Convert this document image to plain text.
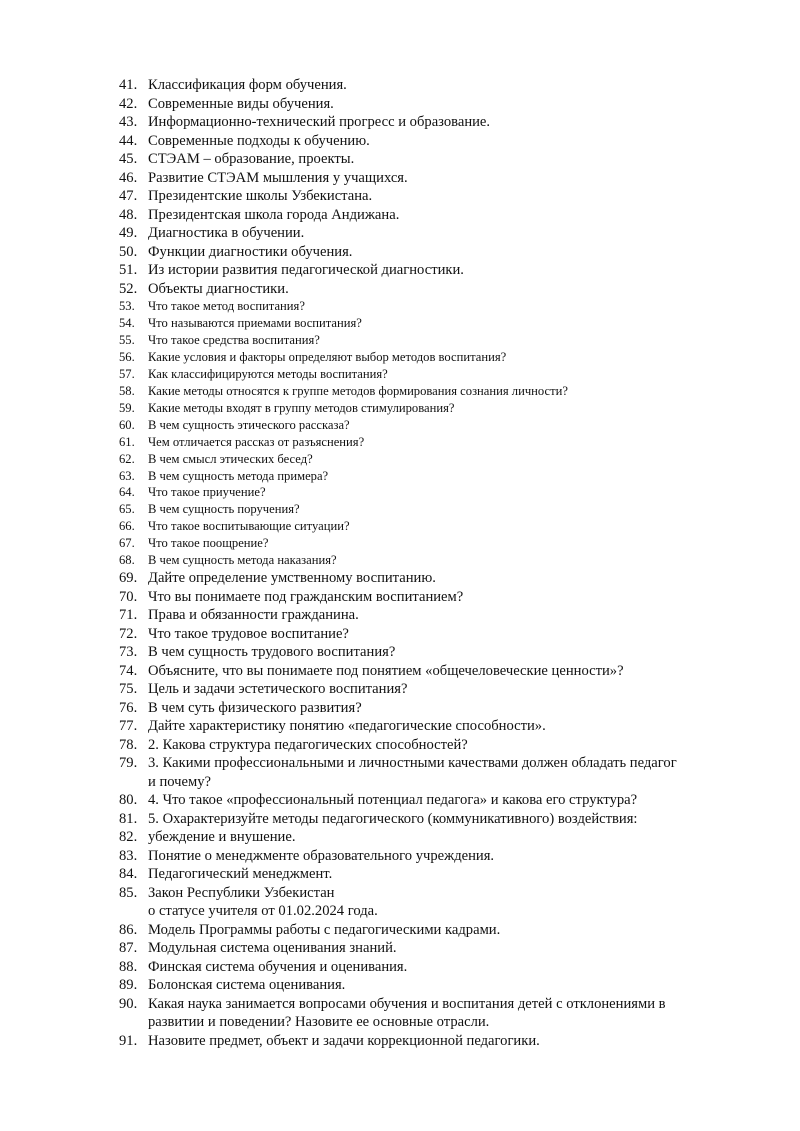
41. Классификация форм обучения.
42. Современные виды обучения.
43. Информационно-технический прогресс и образование.
44. Современные подходы к обучению.
45. СТЭАМ – образование, проекты.
46. Развитие СТЭАМ мышления у учащихся.
47. Президентские школы Узбекистана.
48. Президентская школа города Андижана.
49. Диагностика в обучении.
50. Функции диагностики обучения.
51. Из истории развития педагогической диагностики.
52. Объекты диагностики.
53.	Что такое метод воспитания?
54.	Что называются приемами воспитания?
55.	Что такое средства воспитания?
56.	Какие условия и факторы определяют выбор методов воспитания?
57.	Как классифицируются методы воспитания?
58.	Какие методы относятся к группе методов формирования сознания личности?
59.	Какие методы входят в группу методов стимулирования?
60.	В чем сущность этического рассказа?
61.	Чем отличается рассказ от разъяснения?
62.	В чем смысл этических бесед?
63.	В чем сущность метода примера?
64.	Что такое приучение?
65.	В чем сущность поручения?
66.	Что такое воспитывающие ситуации?
67.	Что такое поощрение?
68.	В чем сущность метода наказания?
69. Дайте определение умственному воспитанию.
70. Что вы понимаете под гражданским воспитанием?
71. Права и обязанности гражданина.
72. Что такое трудовое воспитание?
73. В чем сущность трудового воспитания?
74. Объясните, что вы понимаете под понятием «общечеловеческие ценности»?
75. Цель и задачи эстетического воспитания?
76. В чем суть физического развития?
77. Дайте характеристику понятию «педагогические способности».
78. 2. Какова структура педагогических способностей?
79. 3. Какими профессиональными и личностными качествами должен обладать педагог
и почему?
80. 4. Что такое «профессиональный потенциал педагога» и какова его структура?
81. 5. Охарактеризуйте методы педагогического (коммуникативного) воздействия:
82. убеждение и внушение.
83. Понятие о менеджменте образовательного учреждения.
84. Педагогический менеджмент.
85. Закон Республики Узбекистан
о статусе учителя от 01.02.2024 года.
86. Модель Программы работы с педагогическими кадрами.
87. Модульная система оценивания знаний.
88. Финская система обучения и оценивания.
89. Болонская система оценивания.
90. Какая наука занимается вопросами обучения и воспитания детей с отклонениями в
развитии и поведении? Назовите ее основные отрасли.
91. Назовите предмет, объект и задачи коррекционной педагогики.
